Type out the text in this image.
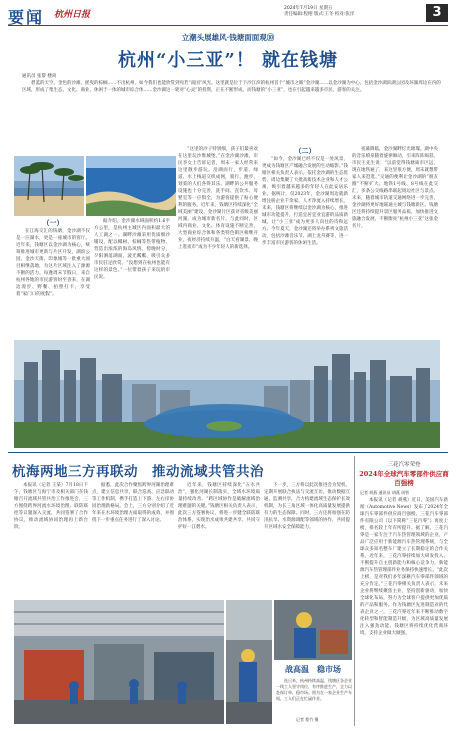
要闻 杭州日报
2024年7月19日 星期五
责任编辑:程栩 版式:王冬 校对:张洋	3
立潮头展雄风·钱塘面面观⑩
杭州“小三亚”！ 就在钱塘
通讯员 张黎 楼尚
碧蓝的天空、金色的沙滩、摇曳的棕榈……不出杭州，如今我们也能欣赏到宛若“南国”风光。这里就是位于下沙江滨的杭州首个“城市之眼”金沙湖……以金沙湖为中心，包括金沙湖滨湖公园及环湖周边在内的区域，形成了集生态、文化、商业、休闲于一体的城市综合体……金沙湖这一轮对“心灵”的投资，正在不断形成，而钱塘的“小三亚”，也在引起越来越多市民、游客的关注。
（一）

在江海交汇的钱塘，金沙湖不仅是一汪湖水，更是一座城市的客厅。近年来，钱塘区以金沙湖为核心，统筹推进城市更新与片区开发，湖滨公园、金沙天街、印象城等一批重大项目相继落地，为这片区域注入了源源不断的活力。每逢周末节假日，来自杭州各地的市民游客纷至沓来，在湖边漫步、野餐、拍照打卡，享受着“家门口的度假”。

据介绍，金沙湖水域面积约1.6平方公里，是杭州主城区内面积最大的人工湖之一。湖畔沙滩采用优质细沙铺设，配以椰树、棕榈等热带植物，营造出浓浓的海岛风情。傍晚时分，夕阳洒落湖面，波光粼粼，吸引众多市民驻足欣赏。“没想到在杭州也能有这样的景色。”一位带着孩子来玩的市民说。

“这里的沙子特别细，孩子们最喜欢在这里玩沙堆城堡。”在金沙湖沙滩，市民李女士告诉记者，周末一家人经常来这里散步游玩。沿湖而行，步道、绿道、水上栈道交织成网，骑行、跑步、划桨的人们各得其乐。湖畔的公共服务设施也十分完善，洗手间、直饮水、母婴室等一应俱全，为游客提供了贴心便利的服务。近年来，钱塘区持续深化“全域美丽”建设，金沙湖片区获评省级美丽河湖，成为城市新名片。与此同时，区域内商业、文化、体育设施不断完善，大型商业综合体和各类特色街区相继开业，夜经济持续升温，“白天看湖景、晚上逛夜市”成为不少年轻人的新选择。

（二）

“如今，金沙湖已经不仅是一处风景，更成为钱塘区产城融合发展的生动缩影。”钱塘区相关负责人表示。依托金沙湖的生态优势，周边集聚了大批高新技术企业和人才公寓，吸引着越来越多的年轻人在此安居乐业。据统计，仅2023年，金沙湖周边就新增注册企业千余家，人才净流入持续增长。未来，钱塘区将继续以金沙湖为核心，推进城市功能提升，打造宜居宜业宜游的品质新城，让“小三亚”成为更多人向往的诗和远方。今年夏天，金沙湖还将举办系列文旅活动，包括沙滩音乐节、湖上龙舟赛等，进一步丰富市民游客的休闲生活。

夜幕降临，金沙湖畔灯光璀璨。湖中央的音乐喷泉随着旋律舞动，引来阵阵喝彩。市民王先生说：“以前觉得钱塘离市区远，现在地铁通了，来这里很方便，周末就想带家人来逛逛。”交通的便利让金沙湖的“朋友圈”不断扩大。地铁1号线、8号线在此交汇，多条公交线路串联起周边社区与景点。未来，随着城市轨道交通网络进一步完善，金沙湖将更好地联通主城与钱塘新区。钱塘区还将持续提升景区服务品质，加快推进文旅融合发展，不断擦亮“杭州小三亚”这张金名片。

杭海两地三方再联动　推动流域共管共治

本报讯（记者 王某）7月18日下午，钱塘区与海宁市及相关部门在钱塘召开流域共管共治工作推进会，三方围绕跨界河流水环境治理、联防联控等议题深入交流，共同签署了合作协议，推动流域协同治理再上新台阶。

据悉，此次合作聚焦跨界河湖治理难点，建立信息共享、联合巡查、应急联动等工作机制，携手打造上下游、左右岸协同治理新格局。会上，三方分别介绍了近年来在水环境治理方面取得的成效，并围绕下一步重点任务进行了深入讨论。

近年来，钱塘区持续深化“五水共治”，强化河湖长制落实，全域水环境质量持续改善。“跨区域协作是破解流域治理难题的关键。”钱塘区相关负责人表示，此次三方签署协议，将进一步健全联防联治体系，实现治水成果共建共享，共同守护好一江碧水。

下一步，三方将以此次推进会为契机，定期开展联合执法与交流互访，推动数据互通、监测共享，合力构建流域生态保护长效机制，为长三角区域一体化高质量发展提供有力的生态保障。同时，三方还将加强在防汛抗旱、水资源调配等领域的协作，共同提升区域水安全保障能力。

三花汽零荣登
2024年全球汽车零部件供应商百强榜
记者 胡燕 通讯员 胡燕 周智

本报讯（记者 胡燕）近日，美国汽车新闻（Automotive News）发布了2024年全球汽车零部件供应商百强榜，三花汽车零部件有限公司（以下简称“三花汽零”）再度上榜，排名较上年有所提升。据了解，三花汽零是一家专注于汽车热管理领域的企业，产品广泛应用于新能源汽车热管理系统，与全球众多知名整车厂建立了长期稳定的合作关系。近年来，三花汽零持续加大研发投入，不断提升自主创新能力和核心竞争力，新能源汽车热管理部件业务保持快速增长。“此次上榜，是对我们多年深耕汽车零部件领域的充分肯定。”三花汽零相关负责人表示，未来企业将继续聚焦主业，坚持创新驱动，加快全球化布局，努力为全球客户提供更加优质的产品和服务。作为钱塘区先进制造业的代表企业之一，三花汽零近年来不断推动数字化转型和智能制造升级，为区域高质量发展注入强劲动能。钱塘区将持续优化营商环境，支持企业做大做强。

战高温　稳市场
连日来，杭州持续高温，钱塘区各企业一线工人坚守岗位，有序推进生产，全力以赴保订单、稳市场。图为在一家企业生产车间，工人们正在忙碌作业。
记者 程竹 摄
